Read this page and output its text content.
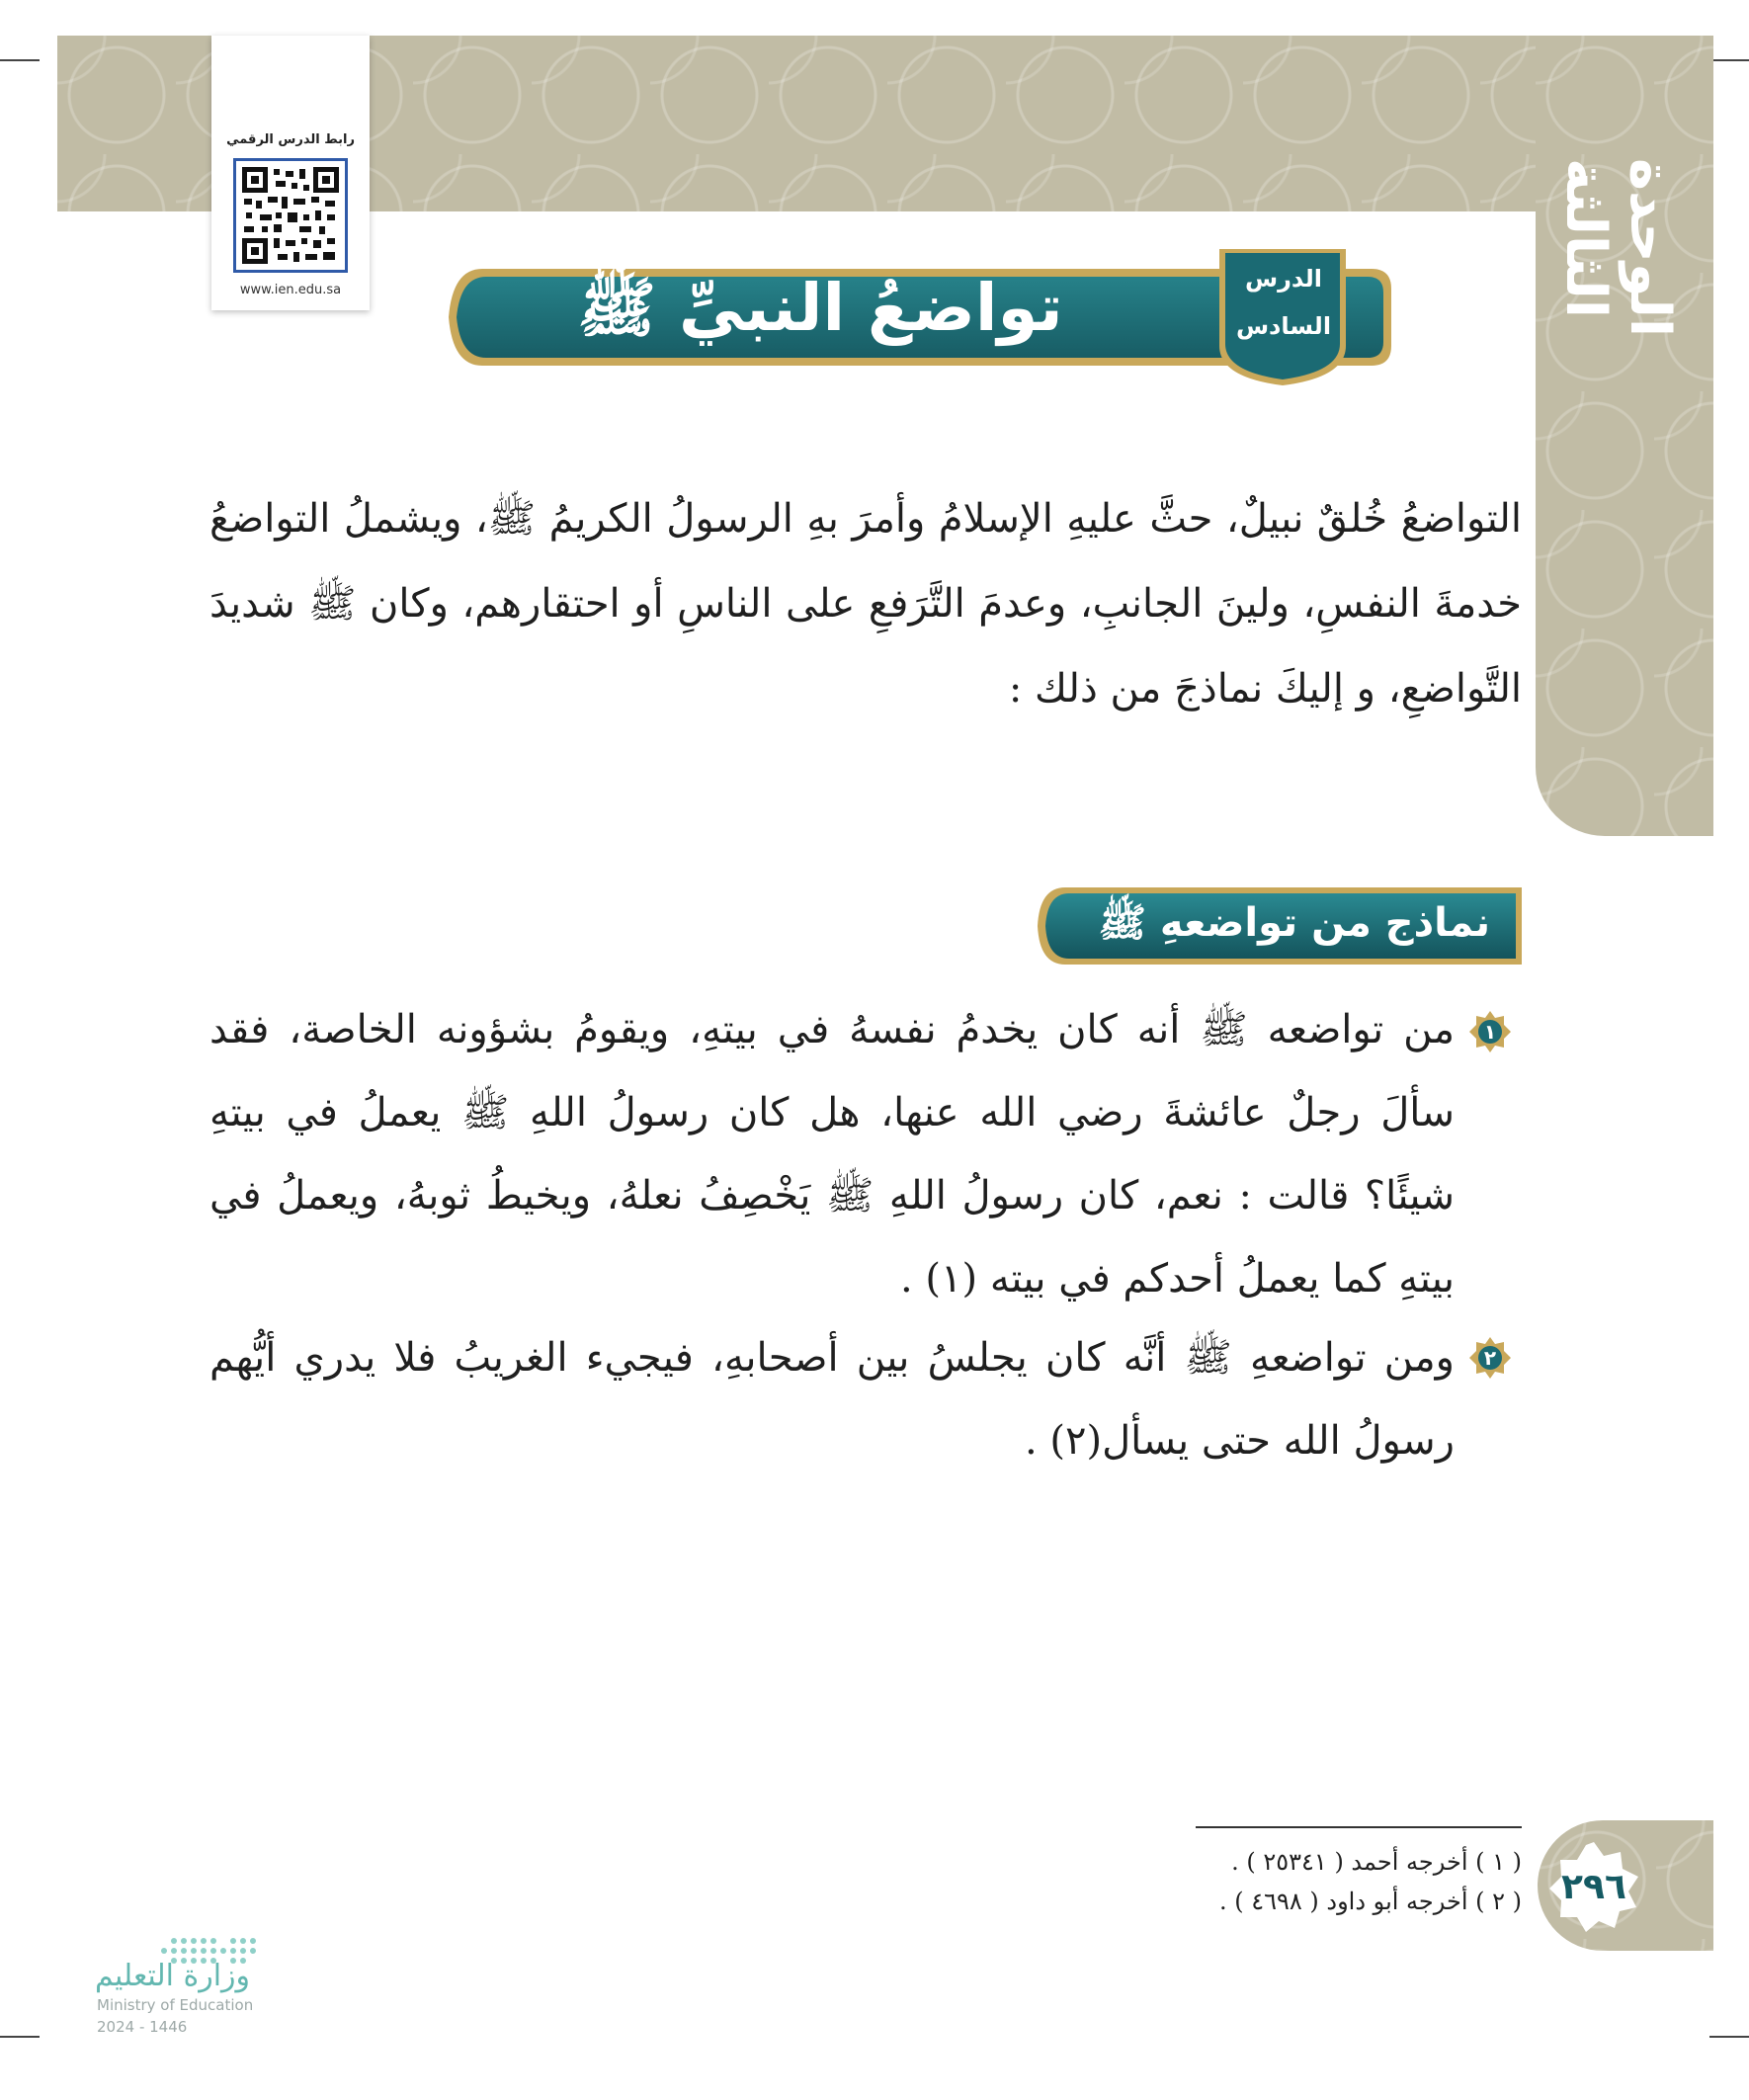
الوحدة الثالثة
رابط الدرس الرقمي
www.ien.edu.sa	تواضعُ النبيِّ ﷺ	الدرس
السادس
التواضعُ خُلقٌ نبيلٌ، حثَّ عليهِ الإسلامُ وأمرَ بهِ الرسولُ الكريمُ ﷺ، ويشملُ التواضعُ خدمةَ النفسِ، ولينَ الجانبِ، وعدمَ التَّرَفعِ على الناسِ أو احتقارهم، وكان ﷺ شديدَ التَّواضعِ، و إليكَ نماذجَ من ذلك :
نماذج من تواضعهِ ﷺ
١
من تواضعه ﷺ أنه كان يخدمُ نفسهُ في بيتهِ، ويقومُ بشؤونه الخاصة، فقد سألَ رجلٌ عائشةَ رضي الله عنها، هل كان رسولُ اللهِ ﷺ يعملُ في بيتهِ شيئًا؟ قالت : نعم، كان رسولُ اللهِ ﷺ يَخْصِفُ نعلهُ، ويخيطُ ثوبهُ، ويعملُ في بيتهِ كما يعملُ أحدكم في بيته (١) .
٢
ومن تواضعهِ ﷺ أنَّه كان يجلسُ بين أصحابهِ، فيجيء الغريبُ فلا يدري أيُّهم رسولُ الله حتى يسأل(٢) .
( ١ ) أخرجه أحمد ( ٢٥٣٤١ ) .
( ٢ ) أخرجه أبو داود ( ٤٦٩٨ ) .	٢٩٦
وزارة التعليم
Ministry of Education
2024 - 1446
